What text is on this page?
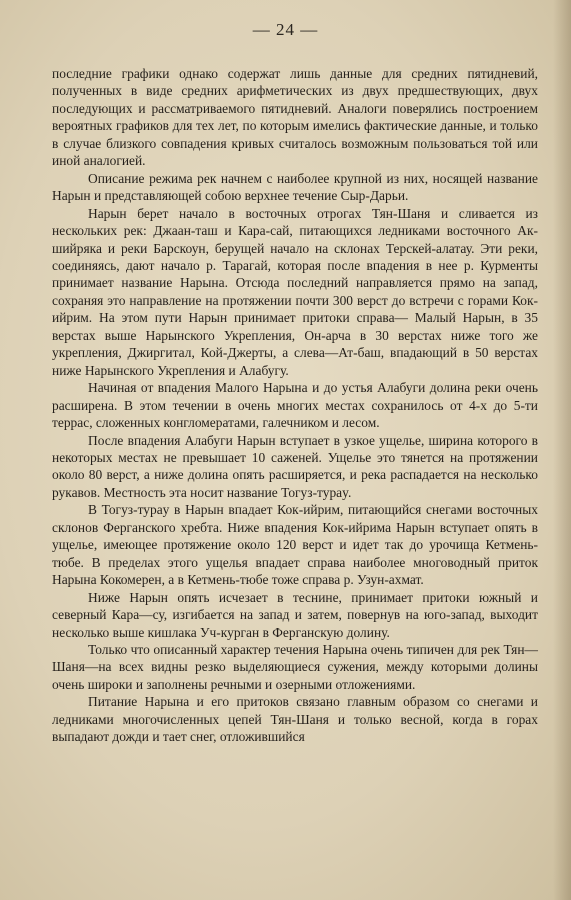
— 24 —

последние графики однако содержат лишь данные для средних пятидневий, полученных в виде средних арифметических из двух предшествующих, двух последующих и рассматриваемого пятидневий. Аналоги поверялись построением вероятных графиков для тех лет, по которым имелись фактические данные, и только в случае близкого совпадения кривых считалось возможным пользоваться той или иной аналогией.

Описание режима рек начнем с наиболее крупной из них, носящей название Нарын и представляющей собою верхнее течение Сыр-Дарьи.

Нарын берет начало в восточных отрогах Тян-Шаня и сливается из нескольких рек: Джаан-таш и Кара-сай, питающихся ледниками восточного Ак-шийряка и реки Барскоун, берущей начало на склонах Терскей-алатау. Эти реки, соединяясь, дают начало р. Тарагай, которая после впадения в нее р. Курменты принимает название Нарына. Отсюда последний направляется прямо на запад, сохраняя это направление на протяжении почти 300 верст до встречи с горами Кок-ийрим. На этом пути Нарын принимает притоки справа— Малый Нарын, в 35 верстах выше Нарынского Укрепления, Он-арча в 30 верстах ниже того же укрепления, Джиргитал, Кой-Джерты, а слева—Ат-баш, впадающий в 50 верстах ниже Нарынского Укрепления и Алабугу.

Начиная от впадения Малого Нарына и до устья Алабуги долина реки очень расширена. В этом течении в очень многих местах сохранилось от 4-х до 5-ти террас, сложенных конгломератами, галечником и лесом.

После впадения Алабуги Нарын вступает в узкое ущелье, ширина которого в некоторых местах не превышает 10 саженей. Ущелье это тянется на протяжении около 80 верст, а ниже долина опять расширяется, и река распадается на несколько рукавов. Местность эта носит название Тогуз-тураy.

В Тогуз-тураy в Нарын впадает Кок-ийрим, питающийся снегами восточных склонов Ферганского хребта. Ниже впадения Кок-ийрима Нарын вступает опять в ущелье, имеющее протяжение около 120 верст и идет так до урочища Кетмень-тюбе. В пределах этого ущелья впадает справа наиболее многоводный приток Нарына Кокомерен, а в Кетмень-тюбе тоже справа р. Узун-ахмат.

Ниже Нарын опять исчезает в теснине, принимает притоки южный и северный Кара—су, изгибается на запад и затем, повернув на юго-запад, выходит несколько выше кишлака Уч-курган в Ферганскую долину.

Только что описанный характер течения Нарына очень типичен для рек Тян—Шаня—на всех видны резко выделяющиеся сужения, между которыми долины очень широки и заполнены речными и озерными отложениями.

Питание Нарына и его притоков связано главным образом со снегами и ледниками многочисленных цепей Тян-Шаня и только весной, когда в горах выпадают дожди и тает снег, отложившийся
